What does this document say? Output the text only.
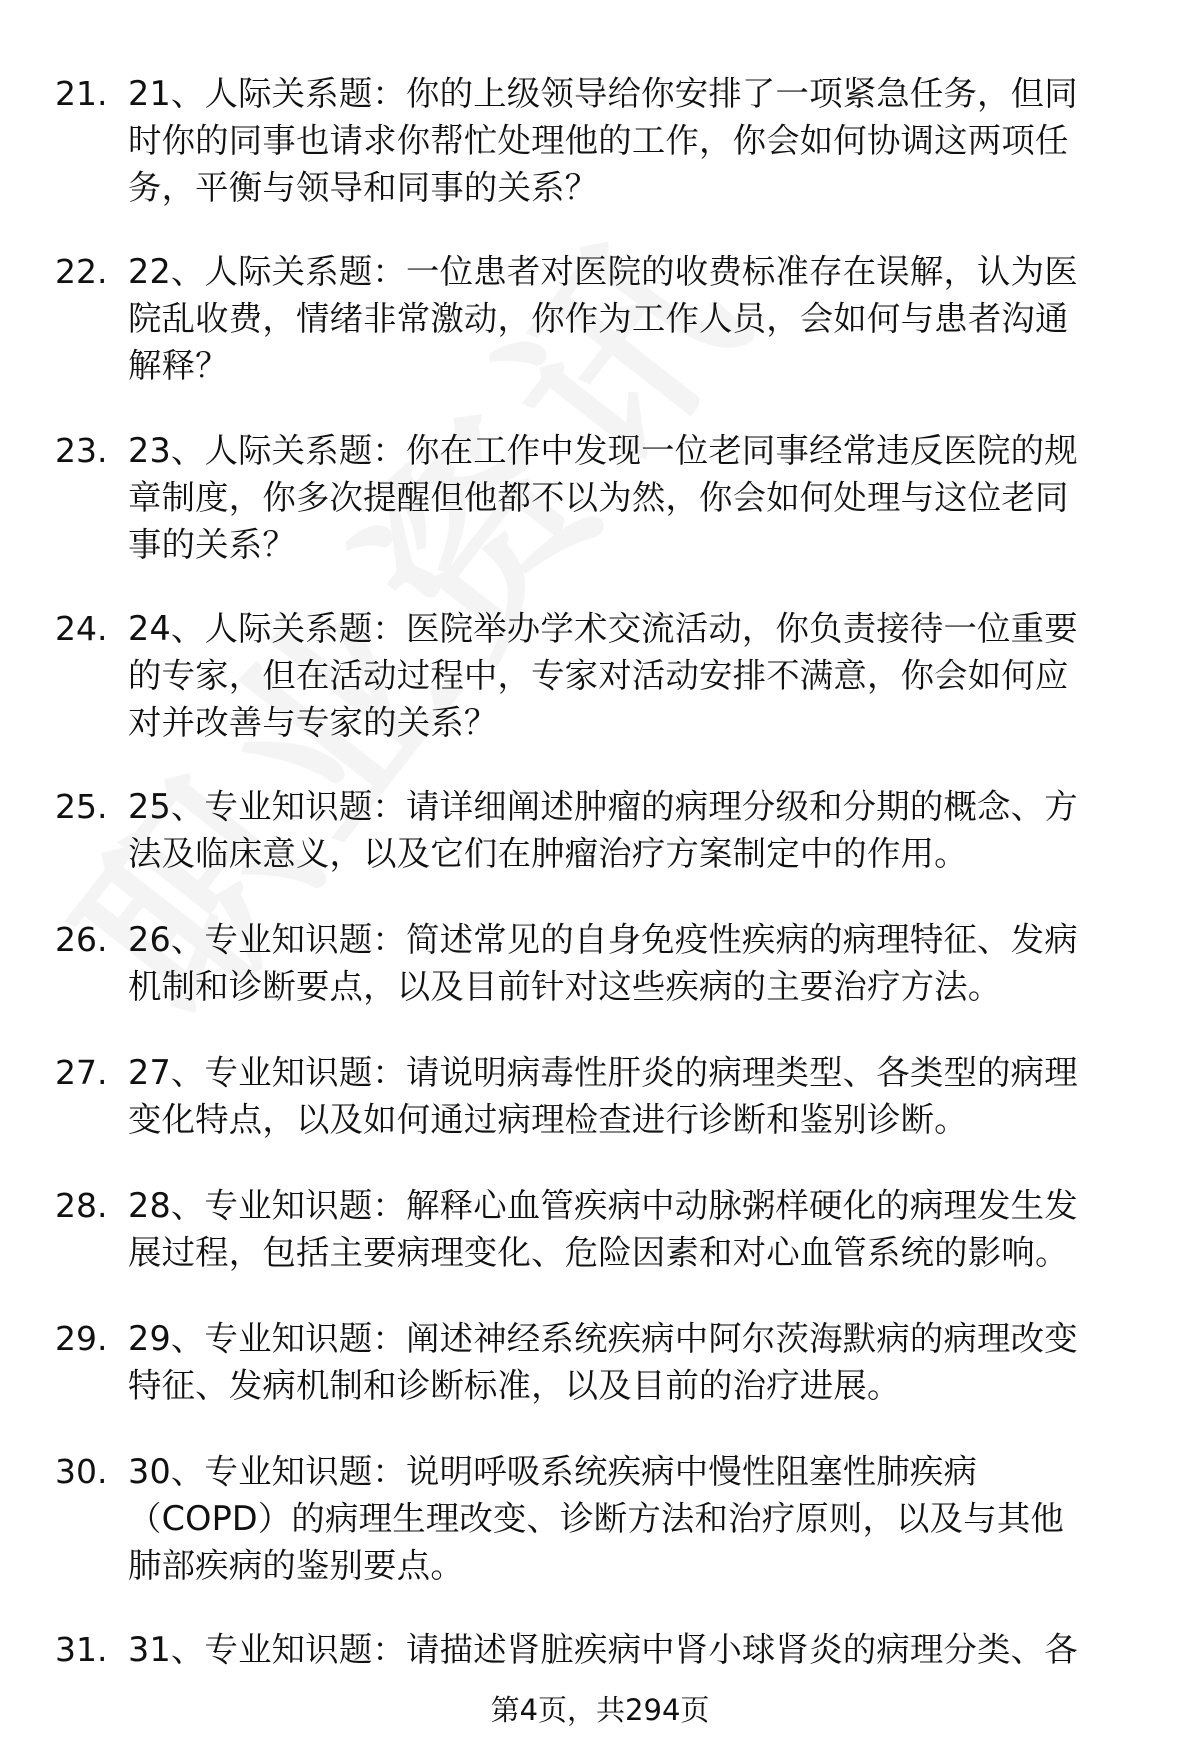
21. 21、人际关系题：你的上级领导给你安排了一项紧急任务，但同
时你的同事也请求你帮忙处理他的工作，你会如何协调这两项任
务，平衡与领导和同事的关系？
22. 22、人际关系题：一位患者对医院的收费标准存在误解，认为医
院乱收费，情绪非常激动，你作为工作人员，会如何与患者沟通
解释？
23. 23、人际关系题：你在工作中发现一位老同事经常违反医院的规
章制度，你多次提醒但他都不以为然，你会如何处理与这位老同
事的关系？
24. 24、人际关系题：医院举办学术交流活动，你负责接待一位重要
的专家，但在活动过程中，专家对活动安排不满意，你会如何应
对并改善与专家的关系？
25. 25、专业知识题：请详细阐述肿瘤的病理分级和分期的概念、方
法及临床意义，以及它们在肿瘤治疗方案制定中的作用。
26. 26、专业知识题：简述常见的自身免疫性疾病的病理特征、发病
机制和诊断要点，以及目前针对这些疾病的主要治疗方法。
27. 27、专业知识题：请说明病毒性肝炎的病理类型、各类型的病理
变化特点，以及如何通过病理检查进行诊断和鉴别诊断。
28. 28、专业知识题：解释心血管疾病中动脉粥样硬化的病理发生发
展过程，包括主要病理变化、危险因素和对心血管系统的影响。
29. 29、专业知识题：阐述神经系统疾病中阿尔茨海默病的病理改变
特征、发病机制和诊断标准，以及目前的治疗进展。
30. 30、专业知识题：说明呼吸系统疾病中慢性阻塞性肺疾病
（COPD）的病理生理改变、诊断方法和治疗原则，以及与其他
肺部疾病的鉴别要点。
31. 31、专业知识题：请描述肾脏疾病中肾小球肾炎的病理分类、各
第4页，共294页
